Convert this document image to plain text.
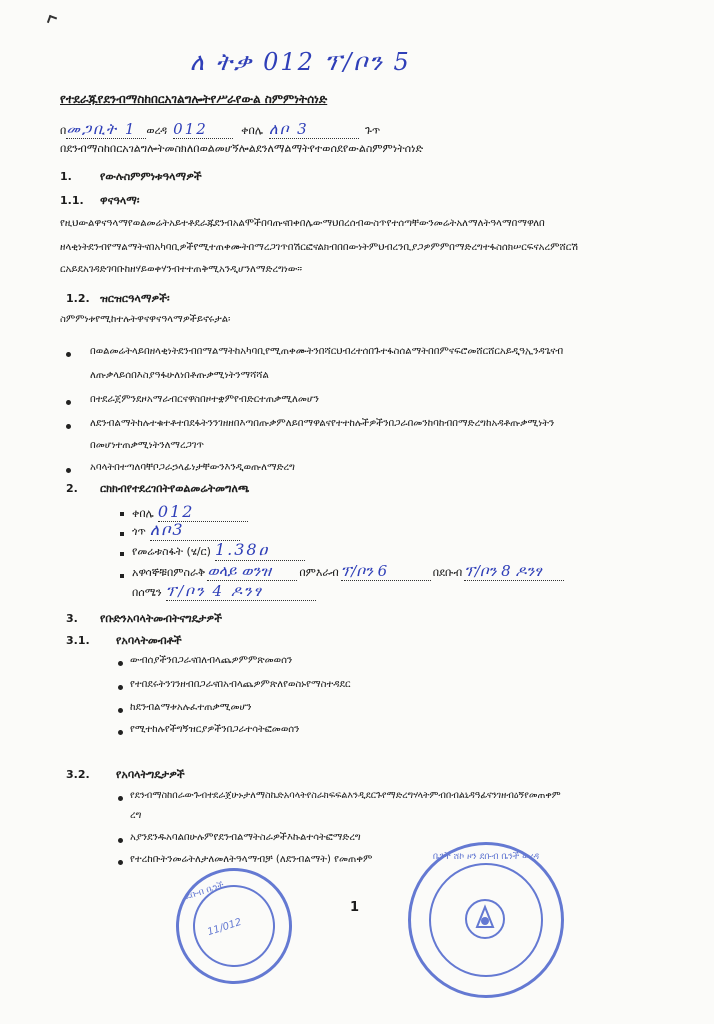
ለ ትቃ 012 ፕ/ቦን 5
የተደራጁየደንብማስከበርአገልግሎትየሥራየውል ስምምነትሰነድ
በመጋቢት 1 ወረዳ 012	ቀበሌ ለቦ 3	ጉጥ
በደንብማስከበርአገልግሎትመስክለበወልመሆኝሎልደንለማልማትየተወሰደየውልስምምነትሰነድ
1.	የውሉስምምነቱዓላማዎች
1.1. ዋናዓላማ፡
የዚህውልዋናዓላማየወልመሬትአይተቶደራጁደንብአልሞችበባጡናበቀበሌውማህበረሰብውስጥየተሰጣቸውንመሬትአለማለትዓላማበማዋለበ
ዘላቂነትደንብየማልማትናበአካባቢዎችየሚተጠቀሙትበማረጋገጥበሽርፎናልክብበበውነትምህብረንቢያጋዎምምበማድረግተፋስሰክሠርፍናአረምሸርሽ
ርአይደአገዳድገባቡከዘሃይወቀሃንብተተጠቅሚአንዲሆንለማድረግነው።
1.2. ዝርዝርዓላማዎች፡
ስምምነቱየሚከተሉትዋናዋናዓላማዎችይኖሩታል፡
በወልመሬትላይበዘላቂነትደንብበማልማትከአካባቢየሚጠቀሙትንበሻርህብረተሰበጉተፋስሰልማትበበምናፍሮመሸርሸርአይዲዓኢንዳጌናብ
ለጡቃላይሰበእስያዓፋሁለነበቶጡቃሚነትንማሻሻል
በተደራጀምንደዞአማራብርናዋስበዞተቋምየብድርተጠቃሚለመሆን
ለደንብልማትከሉተቁተቶተበደፋትንንገዘዘበእጣበጡቃምለይበማዋልናየተተከሉችዎችንበጋራበመንከባከብበማድረግከአዳቶጡቃሚነትን
በመሆነተጠቃሚነትንለማረጋገጥ
አባላትበተጣለባቸቦጋራኃላፊነታቸውንእንዲወጡለማድረግ
2. ርክክብየተደረገበትየወልመሬትመግለጫ
ቀበሌ 012
ጎጥ ለቦ3
የመሬቱስፋት (ሄ/ር) 1.38ዐ
አዋሳኞቹበምስራቅ ወላይ ወንዝ	በምእራብ ፕ/ቦን 6	በደቡብ ፕ/ቦን 8 ዶንፃ
በሰሜን ፕ/ቦን 4 ዶንፃ
3. የቡድንአባላትመብትናግዴታዎች
3.1. የአባላትመብቶች
ውብሰያችንበጋራናበለብላጨዎምምጽመወሰን
የተበደሩትንገንዘብበጋራናበአብላጨዎምጽለየወስኑየማስተዳደር
ከደንብልማቱአሉፈተጠቃሚመሆን
የሚተከሉየችግኝዝርያዎችንበጋራተሳትፎመወሰን
3.2. የአባላትግዴታዎች
የደንብማስከበራውጉብተደራጀሁኑታለማስኬድአባላትየስራክፍፍልእንዲደርጉየማድረግሃላትምብበብልኒዳዓፊናንገዘብዕኝየመጠቀም
ረግ
አያንደንዱአባልበሁሉምየደንብልማትስራዎችእኩልተሳትፎማድረግ
የተረከቡትንመሬትለታለመለትዓላማብቻ (ለደንብልማት) የመጠቀም
1
ደቡብ ቤንች
11/012
ቤንች ሸኮ ዞን ደቡብ ቤንች ወረዳ
